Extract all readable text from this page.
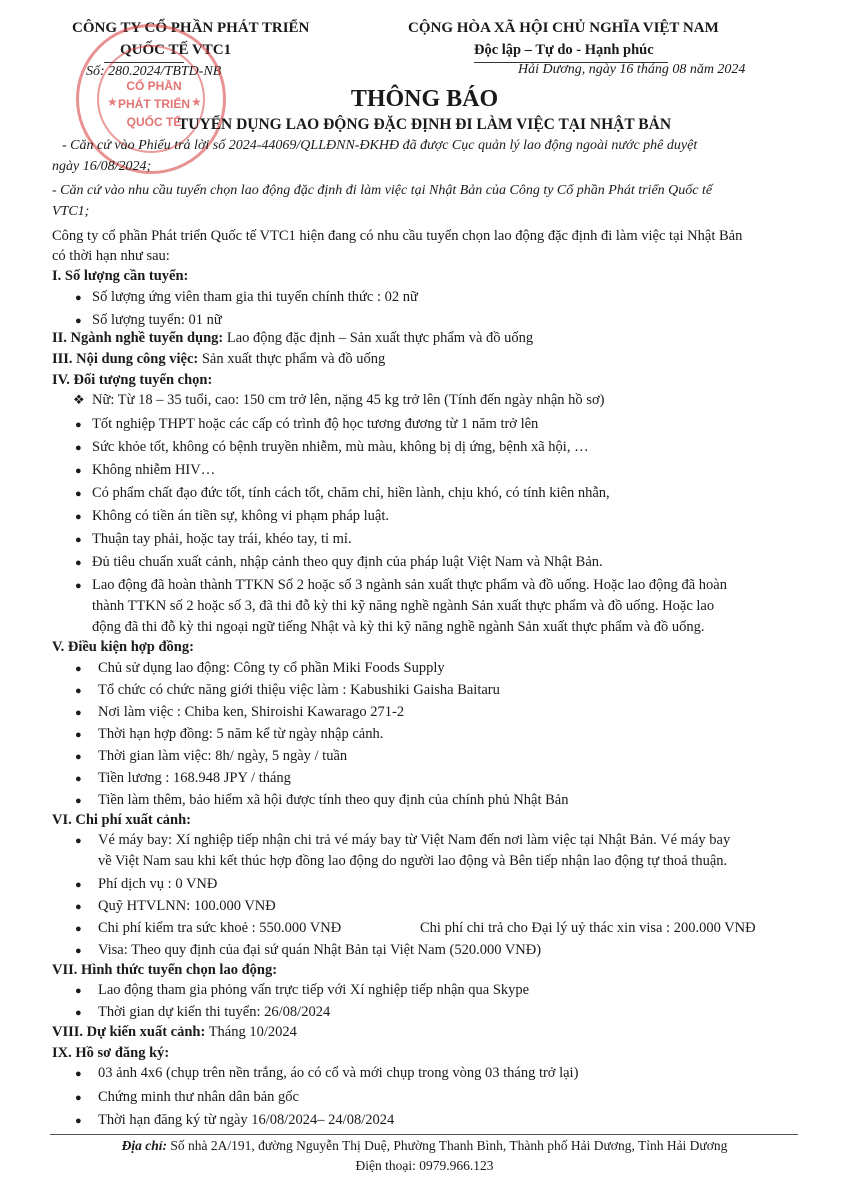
CÔNG TY CỔ PHẦN PHÁT TRIỂN
QUỐC TẾ VTC1
Số: 280.2024/TBTD-NB
CỘNG HÒA XÃ HỘI CHỦ NGHĨA VIỆT NAM
Độc lập – Tự do - Hạnh phúc
Hải Dương, ngày 16 tháng 08 năm 2024
CỔ PHẦN
PHÁT TRIỂN
QUỐC TẾ
★	★	THÔNG BÁO
TUYỂN DỤNG LAO ĐỘNG ĐẶC ĐỊNH ĐI LÀM VIỆC TẠI NHẬT BẢN
- Căn cứ vào Phiếu trả lời số 2024-44069/QLLĐNN-ĐKHĐ đã được Cục quản lý lao động ngoài nước phê duyệt
ngày 16/08/2024;
- Căn cứ vào nhu cầu tuyển chọn lao động đặc định đi làm việc tại Nhật Bản của Công ty Cổ phần Phát triển Quốc tế
VTC1;
Công ty cổ phần Phát triển Quốc tế VTC1 hiện đang có nhu cầu tuyển chọn lao động đặc định đi làm việc tại Nhật Bản
có thời hạn như sau:
I. Số lượng cần tuyển:
● Số lượng ứng viên tham gia thi tuyển chính thức : 02 nữ
● Số lượng tuyển: 01 nữ
II. Ngành nghề tuyển dụng: Lao động đặc định – Sản xuất thực phẩm và đồ uống
III. Nội dung công việc: Sản xuất thực phẩm và đồ uống
IV. Đối tượng tuyển chọn:
❖ Nữ: Từ 18 – 35 tuổi, cao: 150 cm trở lên, nặng 45 kg trở lên (Tính đến ngày nhận hồ sơ)
● Tốt nghiệp THPT hoặc các cấp có trình độ học tương đương từ 1 năm trở lên
● Sức khỏe tốt, không có bệnh truyền nhiễm, mù màu, không bị dị ứng, bệnh xã hội, …
● Không nhiễm HIV…
● Có phẩm chất đạo đức tốt, tính cách tốt, chăm chỉ, hiền lành, chịu khó, có tính kiên nhẫn,
● Không có tiền án tiền sự, không vi phạm pháp luật.
● Thuận tay phải, hoặc tay trái, khéo tay, tỉ mỉ.
● Đủ tiêu chuẩn xuất cảnh, nhập cảnh theo quy định của pháp luật Việt Nam và Nhật Bản.
● Lao động đã hoàn thành TTKN Số 2 hoặc số 3 ngành sản xuất thực phẩm và đồ uống. Hoặc lao động đã hoàn
thành TTKN số 2 hoặc số 3, đã thi đỗ kỳ thi kỹ năng nghề ngành Sản xuất thực phẩm và đồ uống. Hoặc lao
động đã thi đỗ kỳ thi ngoại ngữ tiếng Nhật và kỳ thi kỹ năng nghề ngành Sản xuất thực phẩm và đồ uống.
V. Điều kiện hợp đồng:
● Chủ sử dụng lao động: Công ty cổ phần Miki Foods Supply
● Tổ chức có chức năng giới thiệu việc làm : Kabushiki Gaisha Baitaru
● Nơi làm việc : Chiba ken, Shiroishi Kawarago 271-2
● Thời hạn hợp đồng: 5 năm kể từ ngày nhập cảnh.
● Thời gian làm việc: 8h/ ngày, 5 ngày / tuần
● Tiền lương : 168.948 JPY / tháng
● Tiền làm thêm, bảo hiểm xã hội được tính theo quy định của chính phủ Nhật Bản
VI. Chi phí xuất cảnh:
● Vé máy bay: Xí nghiệp tiếp nhận chi trả vé máy bay từ Việt Nam đến nơi làm việc tại Nhật Bản. Vé máy bay
về Việt Nam sau khi kết thúc hợp đồng lao động do người lao động và Bên tiếp nhận lao động tự thoả thuận.
● Phí dịch vụ : 0 VNĐ
● Quỹ HTVLNN: 100.000 VNĐ
● Chi phí kiểm tra sức khoẻ : 550.000 VNĐ	Chi phí chi trả cho Đại lý uỷ thác xin visa : 200.000 VNĐ
● Visa: Theo quy định của đại sứ quán Nhật Bản tại Việt Nam (520.000 VNĐ)
VII. Hình thức tuyển chọn lao động:
● Lao động tham gia phỏng vấn trực tiếp với Xí nghiệp tiếp nhận qua Skype
● Thời gian dự kiến thi tuyển: 26/08/2024
VIII. Dự kiến xuất cảnh: Tháng 10/2024
IX. Hồ sơ đăng ký:
● 03 ảnh 4x6 (chụp trên nền trắng, áo có cổ và mới chụp trong vòng 03 tháng trở lại)
● Chứng minh thư nhân dân bản gốc
● Thời hạn đăng ký từ ngày 16/08/2024– 24/08/2024
Địa chỉ: Số nhà 2A/191, đường Nguyễn Thị Duệ, Phường Thanh Bình, Thành phố Hải Dương, Tỉnh Hải Dương
Điện thoại: 0979.966.123
